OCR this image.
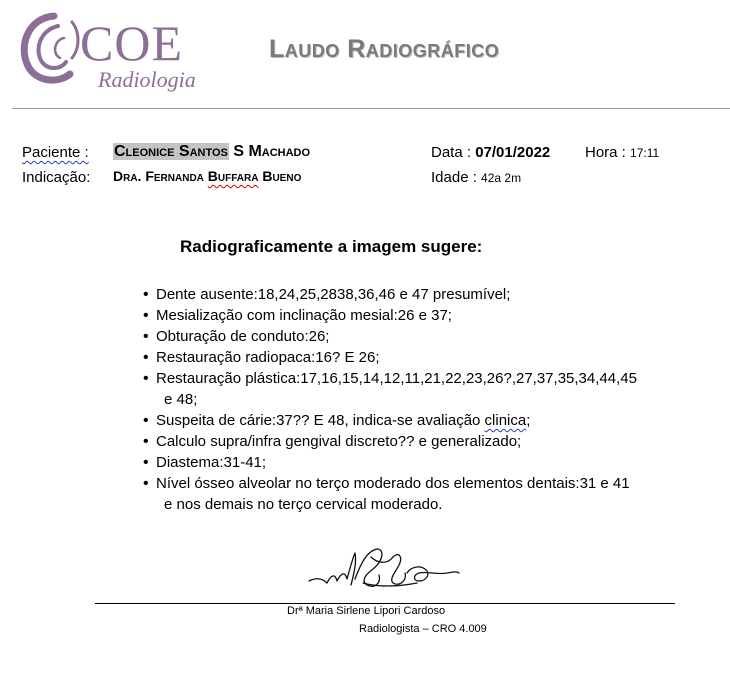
COE
Radiologia
Laudo Radiográfico
Paciente : Cleonice Santos S Machado
Indicação: Dra. Fernanda Buffara Bueno
Data : 07/01/2022 Hora : 17:11
Idade : 42a 2m
Radiograficamente a imagem sugere:
• Dente ausente:18,24,25,2838,36,46 e 47 presumível;
• Mesialização com inclinação mesial:26 e 37;
• Obturação de conduto:26;
• Restauração radiopaca:16? E 26;
• Restauração plástica:17,16,15,14,12,11,21,22,23,26?,27,37,35,34,44,45
e 48;
• Suspeita de cárie:37?? E 48, indica-se avaliação clinica;
• Calculo supra/infra gengival discreto?? e generalizado;
• Diastema:31-41;
• Nível ósseo alveolar no terço moderado dos elementos dentais:31 e 41
e nos demais no terço cervical moderado.
Drª Maria Sirlene Lipori Cardoso
Radiologista – CRO 4.009
